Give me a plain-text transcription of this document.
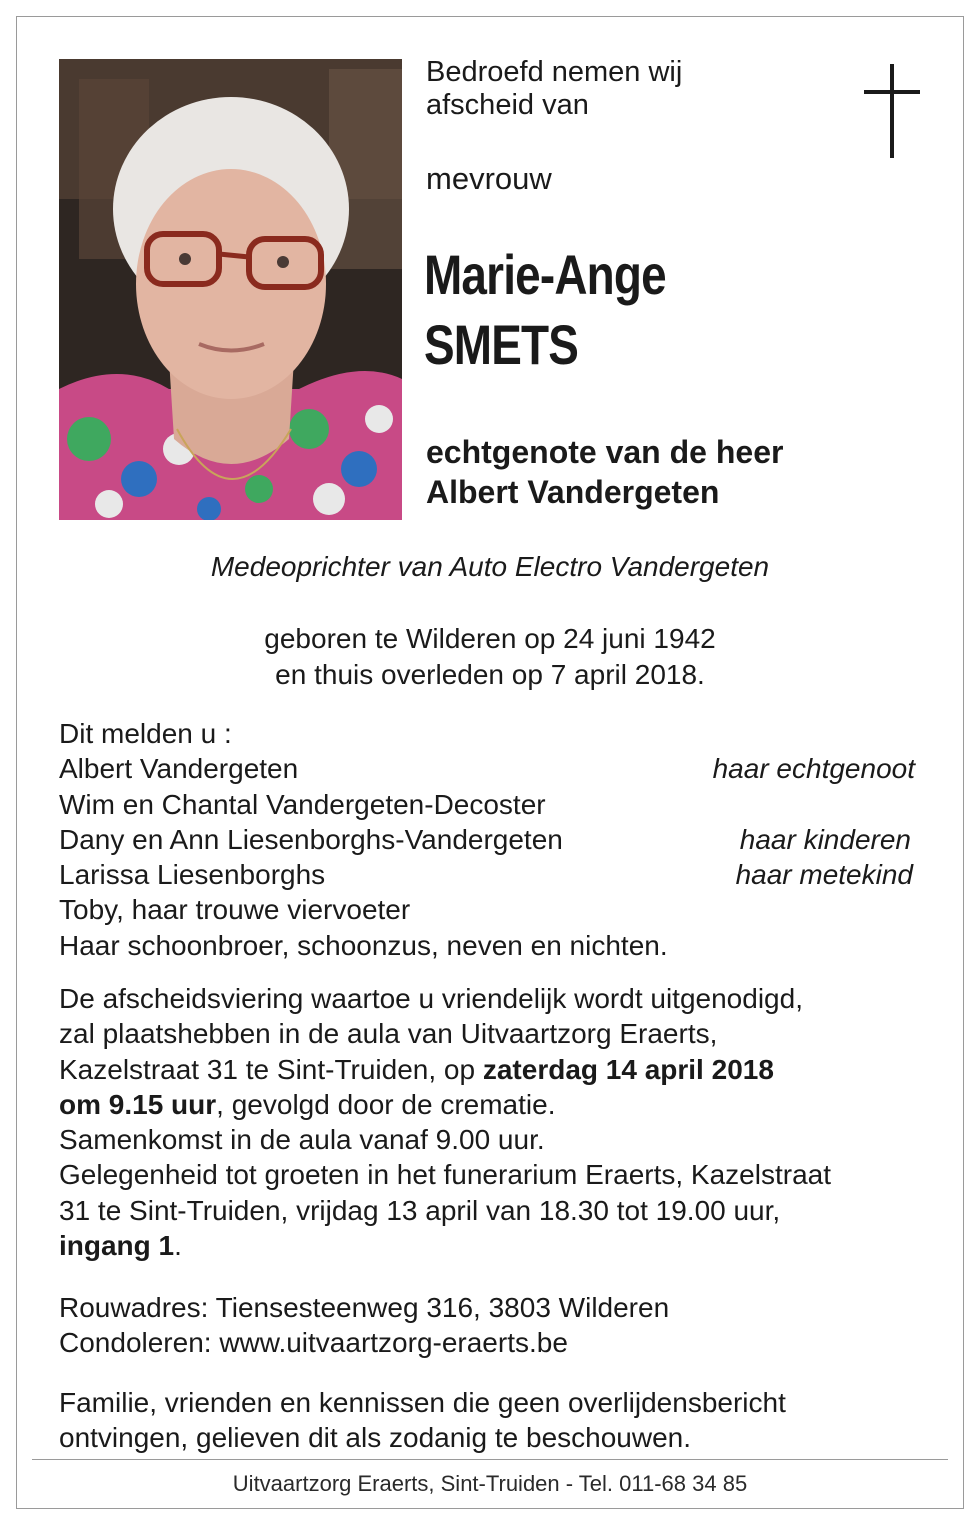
Bedroefd nemen wij
afscheid van
mevrouw
Marie-Ange
SMETS
echtgenote van de heer
Albert Vandergeten
Medeoprichter van Auto Electro Vandergeten
geboren te Wilderen op 24 juni 1942
en thuis overleden op 7 april 2018.
Dit melden u :
Albert Vandergeten	haar echtgenoot
Wim en Chantal Vandergeten-Decoster
Dany en Ann Liesenborghs-Vandergeten	haar kinderen
Larissa Liesenborghs	haar metekind
Toby, haar trouwe viervoeter
Haar schoonbroer, schoonzus, neven en nichten.
De afscheidsviering waartoe u vriendelijk wordt uitgenodigd,
zal plaatshebben in de aula van Uitvaartzorg Eraerts,
Kazelstraat 31 te Sint-Truiden, op zaterdag 14 april 2018
om 9.15 uur, gevolgd door de crematie.
Samenkomst in de aula vanaf 9.00 uur.
Gelegenheid tot groeten in het funerarium Eraerts, Kazelstraat
31 te Sint-Truiden, vrijdag 13 april van 18.30 tot 19.00 uur,
ingang 1.
Rouwadres: Tiensesteenweg 316, 3803 Wilderen
Condoleren: www.uitvaartzorg-eraerts.be
Familie, vrienden en kennissen die geen overlijdensbericht
ontvingen, gelieven dit als zodanig te beschouwen.
Uitvaartzorg Eraerts, Sint-Truiden - Tel. 011-68 34 85
